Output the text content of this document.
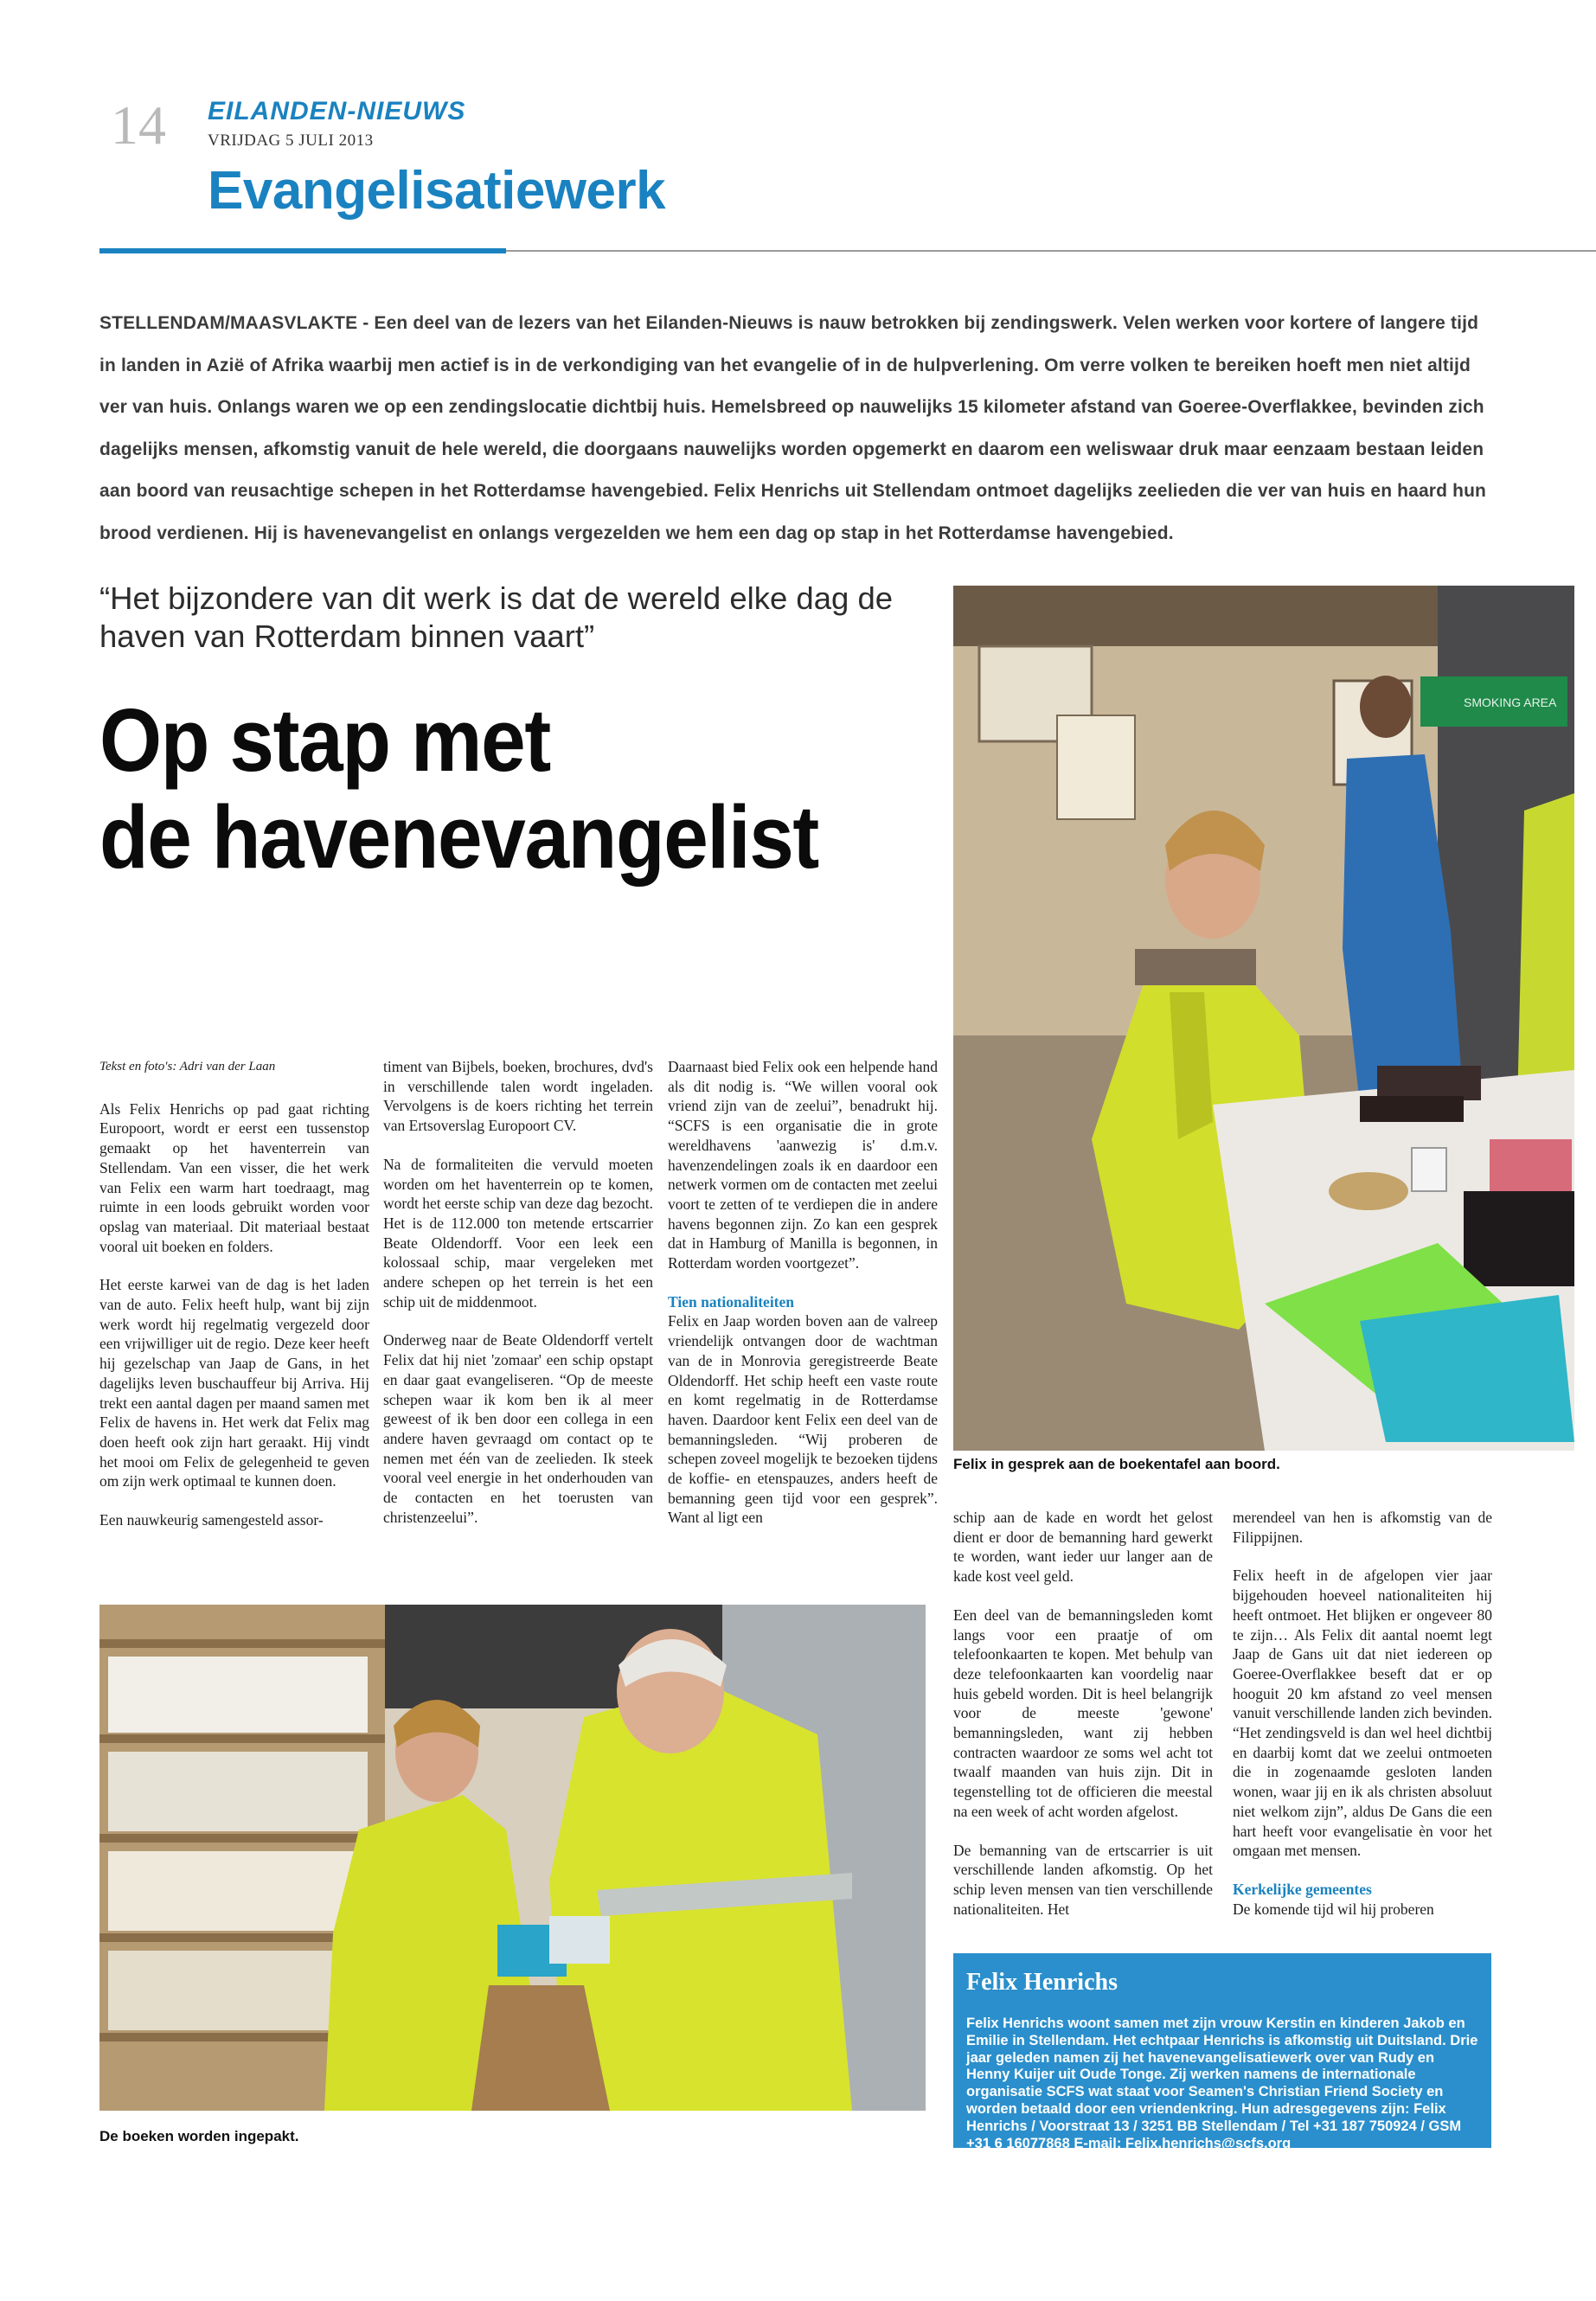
14 EILANDEN-NIEUWS
VRIJDAG 5 JULI 2013
Evangelisatiewerk
STELLENDAM/MAASVLAKTE - Een deel van de lezers van het Eilanden-Nieuws is nauw betrokken bij zendingswerk. Velen werken voor kortere of langere tijd in landen in Azië of Afrika waarbij men actief is in de verkondiging van het evangelie of in de hulpverlening. Om verre volken te bereiken hoeft men niet altijd ver van huis. Onlangs waren we op een zendingslocatie dichtbij huis. Hemelsbreed op nauwelijks 15 kilometer afstand van Goeree-Overflakkee, bevinden zich dagelijks mensen, afkomstig vanuit de hele wereld, die doorgaans nauwelijks worden opgemerkt en daarom een weliswaar druk maar eenzaam bestaan leiden aan boord van reusachtige schepen in het Rotterdamse havengebied. Felix Henrichs uit Stellendam ontmoet dagelijks zeelieden die ver van huis en haard hun brood verdienen. Hij is havenevangelist en onlangs vergezelden we hem een dag op stap in het Rotterdamse havengebied.
“Het bijzondere van dit werk is dat de wereld elke dag de haven van Rotterdam binnen vaart”
Op stap met
de havenevangelist
SMOKING AREA
Felix in gesprek aan de boekentafel aan boord.

Tekst en foto's: Adri van der Laan

Als Felix Henrichs op pad gaat richting Europoort, wordt er eerst een tussenstop gemaakt op het haventerrein van Stellendam. Van een visser, die het werk van Felix een warm hart toedraagt, mag ruimte in een loods gebruikt worden voor opslag van materiaal. Dit materiaal bestaat vooral uit boeken en folders.

Het eerste karwei van de dag is het laden van de auto. Felix heeft hulp, want bij zijn werk wordt hij regelmatig vergezeld door een vrijwilliger uit de regio. Deze keer heeft hij gezelschap van Jaap de Gans, in het dagelijks leven buschauffeur bij Arriva. Hij trekt een aantal dagen per maand samen met Felix de havens in. Het werk dat Felix mag doen heeft ook zijn hart geraakt. Hij vindt het mooi om Felix de gelegenheid te geven om zijn werk optimaal te kunnen doen.

Een nauwkeurig samengesteld assor-

timent van Bijbels, boeken, brochures, dvd's in verschillende talen wordt ingeladen. Vervolgens is de koers richting het terrein van Ertsoverslag Europoort CV.

Na de formaliteiten die vervuld moeten worden om het haventerrein op te komen, wordt het eerste schip van deze dag bezocht. Het is de 112.000 ton metende ertscarrier Beate Oldendorff. Voor een leek een kolossaal schip, maar vergeleken met andere schepen op het terrein is het een schip uit de middenmoot.

Onderweg naar de Beate Oldendorff vertelt Felix dat hij niet 'zomaar' een schip opstapt en daar gaat evangeliseren. “Op de meeste schepen waar ik kom ben ik al meer geweest of ik ben door een collega in een andere haven gevraagd om contact op te nemen met één van de zeelieden. Ik steek vooral veel energie in het onderhouden van de contacten en het toerusten van christenzeelui”.

Daarnaast bied Felix ook een helpende hand als dit nodig is. “We willen vooral ook vriend zijn van de zeelui”, benadrukt hij. “SCFS is een organisatie die in grote wereldhavens 'aanwezig is' d.m.v. havenzendelingen zoals ik en daardoor een netwerk vormen om de contacten met zeelui voort te zetten of te verdiepen die in andere havens begonnen zijn. Zo kan een gesprek dat in Hamburg of Manilla is begonnen, in Rotterdam worden voortgezet”.

Tien nationaliteiten

Felix en Jaap worden boven aan de valreep vriendelijk ontvangen door de wachtman van de in Monrovia geregistreerde Beate Oldendorff. Het schip heeft een vaste route en komt regelmatig in de Rotterdamse haven. Daardoor kent Felix een deel van de bemanningsleden. “Wij proberen de schepen zoveel mogelijk te bezoeken tijdens de koffie- en etenspauzes, anders heeft de bemanning geen tijd voor een gesprek”. Want al ligt een	schip aan de kade en wordt het gelost dient er door de bemanning hard gewerkt te worden, want ieder uur langer aan de kade kost veel geld.

Een deel van de bemanningsleden komt langs voor een praatje of om telefoonkaarten te kopen. Met behulp van deze telefoonkaarten kan voordelig naar huis gebeld worden. Dit is heel belangrijk voor de meeste 'gewone' bemanningsleden, want zij hebben contracten waardoor ze soms wel acht tot twaalf maanden van huis zijn. Dit in tegenstelling tot de officieren die meestal na een week of acht worden afgelost.

De bemanning van de ertscarrier is uit verschillende landen afkomstig. Op het schip leven mensen van tien verschillende nationaliteiten. Het

merendeel van hen is afkomstig van de Filippijnen.

Felix heeft in de afgelopen vier jaar bijgehouden hoeveel nationaliteiten hij heeft ontmoet. Het blijken er ongeveer 80 te zijn… Als Felix dit aantal noemt legt Jaap de Gans uit dat niet iedereen op Goeree-Overflakkee beseft dat er op hooguit 20 km afstand zo veel mensen vanuit verschillende landen zich bevinden. “Het zendingsveld is dan wel heel dichtbij en daarbij komt dat we zeelui ontmoeten die in zogenaamde gesloten landen wonen, waar jij en ik als christen absoluut niet welkom zijn”, aldus De Gans die een hart heeft voor evangelisatie èn voor het omgaan met mensen.

Kerkelijke gemeentes

De komende tijd wil hij proberen

De boeken worden ingepakt.
Felix Henrichs
Felix Henrichs woont samen met zijn vrouw Kerstin en kinderen Jakob en Emilie in Stellendam. Het echtpaar Henrichs is afkomstig uit Duitsland. Drie jaar geleden namen zij het havenevangelisatiewerk over van Rudy en Henny Kuijer uit Oude Tonge. Zij werken namens de internationale organisatie SCFS wat staat voor Seamen's Christian Friend Society en worden betaald door een vriendenkring. Hun adresgegevens zijn: Felix Henrichs / Voorstraat 13 / 3251 BB Stellendam / Tel +31 187 750924 / GSM +31 6 16077868 E-mail: Felix.henrichs@scfs.org
